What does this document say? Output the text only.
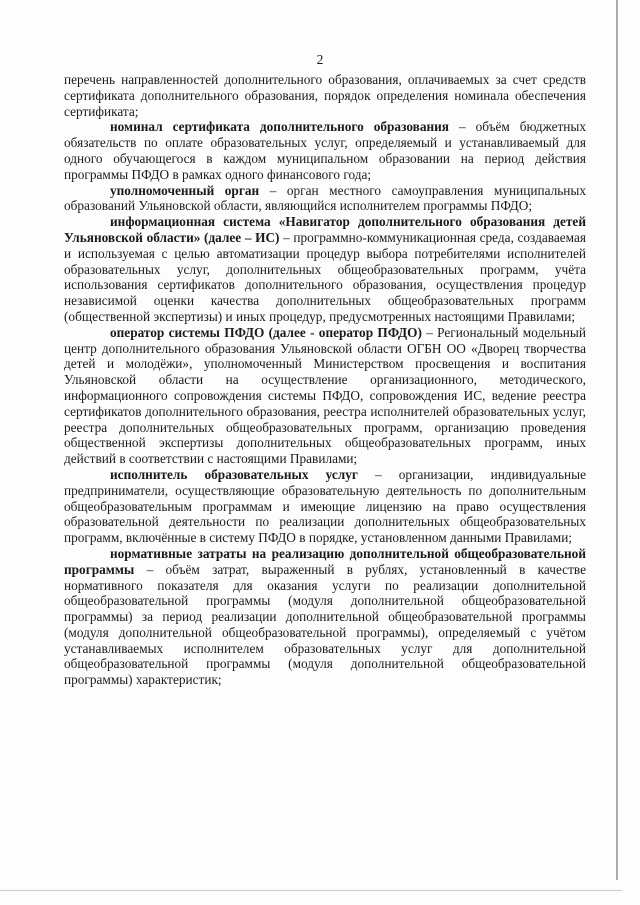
2

перечень направленностей дополнительного образования, оплачиваемых за счет средств сертификата дополнительного образования, порядок определения номинала обеспечения сертификата;

номинал сертификата дополнительного образования – объём бюджетных обязательств по оплате образовательных услуг, определяемый и устанавливаемый для одного обучающегося в каждом муниципальном образовании на период действия программы ПФДО в рамках одного финансового года;

уполномоченный орган – орган местного самоуправления муниципальных образований Ульяновской области, являющийся исполнителем программы ПФДО;

информационная система «Навигатор дополнительного образования детей Ульяновской области» (далее – ИС) – программно-коммуникационная среда, создаваемая и используемая с целью автоматизации процедур выбора потребителями исполнителей образовательных услуг, дополнительных общеобразовательных программ, учёта использования сертификатов дополнительного образования, осуществления процедур независимой оценки качества дополнительных общеобразовательных программ (общественной экспертизы) и иных процедур, предусмотренных настоящими Правилами;

оператор системы ПФДО (далее - оператор ПФДО) – Региональный модельный центр дополнительного образования Ульяновской области ОГБН ОО «Дворец творчества детей и молодёжи», уполномоченный Министерством просвещения и воспитания Ульяновской области на осуществление организационного, методического, информационного сопровождения системы ПФДО, сопровождения ИС, ведение реестра сертификатов дополнительного образования, реестра исполнителей образовательных услуг, реестра дополнительных общеобразовательных программ, организацию проведения общественной экспертизы дополнительных общеобразовательных программ, иных действий в соответствии с настоящими Правилами;

исполнитель образовательных услуг – организации, индивидуальные предприниматели, осуществляющие образовательную деятельность по дополнительным общеобразовательным программам и имеющие лицензию на право осуществления образовательной деятельности по реализации дополнительных общеобразовательных программ, включённые в систему ПФДО в порядке, установленном данными Правилами;

нормативные затраты на реализацию дополнительной общеобразовательной программы – объём затрат, выраженный в рублях, установленный в качестве нормативного показателя для оказания услуги по реализации дополнительной общеобразовательной программы (модуля дополнительной общеобразовательной программы) за период реализации дополнительной общеобразовательной программы (модуля дополнительной общеобразовательной программы), определяемый с учётом устанавливаемых исполнителем образовательных услуг для дополнительной общеобразовательной программы (модуля дополнительной общеобразовательной программы) характеристик;
